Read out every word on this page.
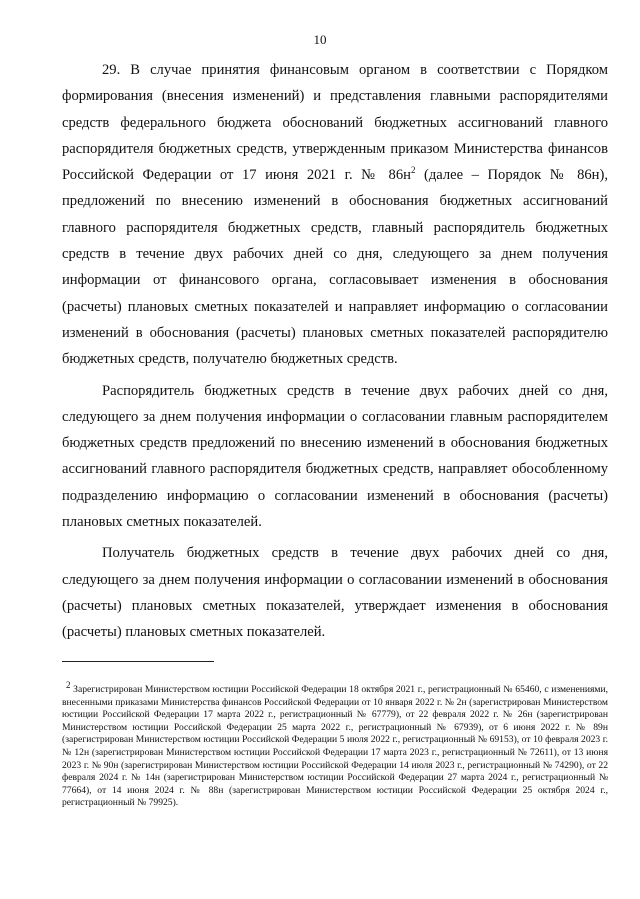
10

29. В случае принятия финансовым органом в соответствии с Порядком формирования (внесения изменений) и представления главными распорядителями средств федерального бюджета обоснований бюджетных ассигнований главного распорядителя бюджетных средств, утвержденным приказом Министерства финансов Российской Федерации от 17 июня 2021 г. № $86н^2$ (далее – Порядок № 86н), предложений по внесению изменений в обоснования бюджетных ассигнований главного распорядителя бюджетных средств, главный распорядитель бюджетных средств в течение двух рабочих дней со дня, следующего за днем получения информации от финансового органа, согласовывает изменения в обоснования (расчеты) плановых сметных показателей и направляет информацию о согласовании изменений в обоснования (расчеты) плановых сметных показателей распорядителю бюджетных средств, получателю бюджетных средств.

Распорядитель бюджетных средств в течение двух рабочих дней со дня, следующего за днем получения информации о согласовании главным распорядителем бюджетных средств предложений по внесению изменений в обоснования бюджетных ассигнований главного распорядителя бюджетных средств, направляет обособленному подразделению информацию о согласовании изменений в обоснования (расчеты) плановых сметных показателей.

Получатель бюджетных средств в течение двух рабочих дней со дня, следующего за днем получения информации о согласовании изменений в обоснования (расчеты) плановых сметных показателей, утверждает изменения в обоснования (расчеты) плановых сметных показателей.

$^2$ Зарегистрирован Министерством юстиции Российской Федерации 18 октября 2021 г., регистрационный № 65460, с изменениями, внесенными приказами Министерства финансов Российской Федерации от 10 января 2022 г. № 2н (зарегистрирован Министерством юстиции Российской Федерации 17 марта 2022 г., регистрационный № 67779), от 22 февраля 2022 г. № 26н (зарегистрирован Министерством юстиции Российской Федерации 25 марта 2022 г., регистрационный № 67939), от 6 июня 2022 г. № 89н (зарегистрирован Министерством юстиции Российской Федерации 5 июля 2022 г., регистрационный № 69153), от 10 февраля 2023 г. № 12н (зарегистрирован Министерством юстиции Российской Федерации 17 марта 2023 г., регистрационный № 72611), от 13 июня 2023 г. № 90н (зарегистрирован Министерством юстиции Российской Федерации 14 июля 2023 г., регистрационный № 74290), от 22 февраля 2024 г. № 14н (зарегистрирован Министерством юстиции Российской Федерации 27 марта 2024 г., регистрационный № 77664), от 14 июня 2024 г. № 88н (зарегистрирован Министерством юстиции Российской Федерации 25 октября 2024 г., регистрационный № 79925).
